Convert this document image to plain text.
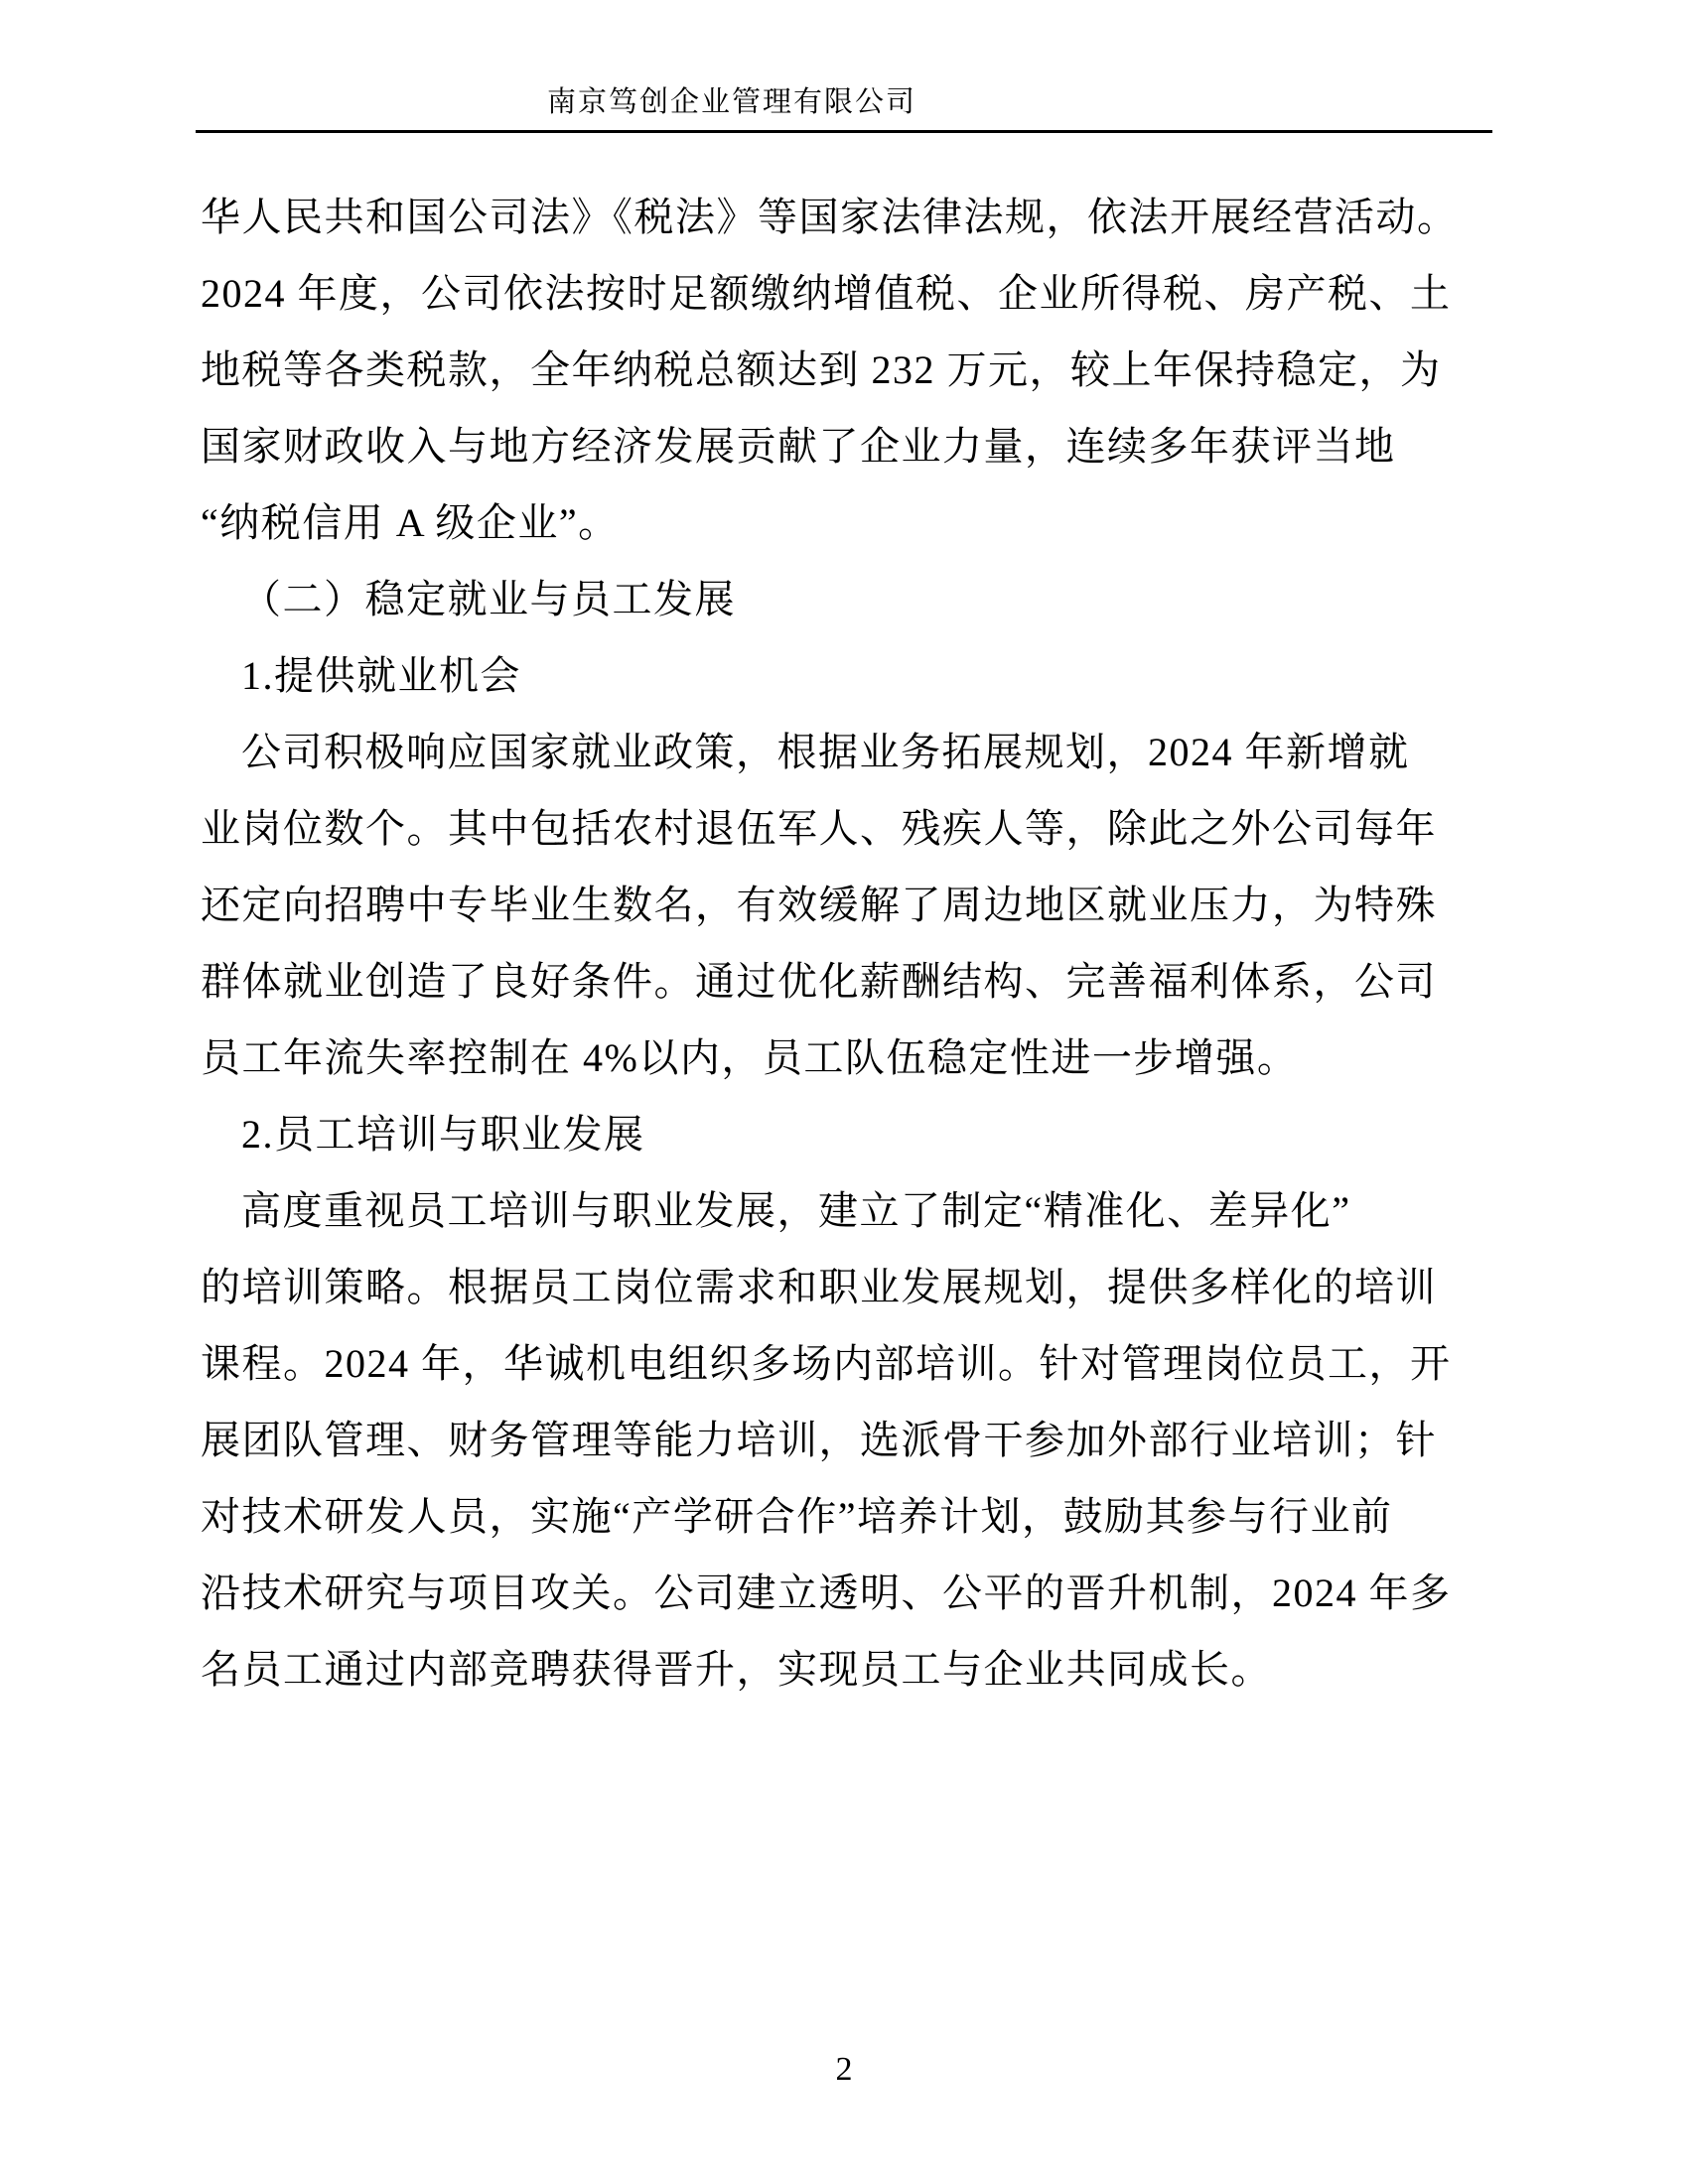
南京笃创企业管理有限公司
华人民共和国公司法》《税法》等国家法律法规，依法开展经营活动。
2024 年度，公司依法按时足额缴纳增值税、企业所得税、房产税、土
地税等各类税款，全年纳税总额达到 232 万元，较上年保持稳定，为
国家财政收入与地方经济发展贡献了企业力量，连续多年获评当地
“纳税信用 A 级企业”。
（二）稳定就业与员工发展
1.提供就业机会
公司积极响应国家就业政策，根据业务拓展规划，2024 年新增就
业岗位数个。其中包括农村退伍军人、残疾人等，除此之外公司每年
还定向招聘中专毕业生数名，有效缓解了周边地区就业压力，为特殊
群体就业创造了良好条件。通过优化薪酬结构、完善福利体系，公司
员工年流失率控制在 4%以内，员工队伍稳定性进一步增强。
2.员工培训与职业发展
高度重视员工培训与职业发展，建立了制定“精准化、差异化”
的培训策略。根据员工岗位需求和职业发展规划，提供多样化的培训
课程。2024 年，华诚机电组织多场内部培训。针对管理岗位员工，开
展团队管理、财务管理等能力培训，选派骨干参加外部行业培训；针
对技术研发人员，实施“产学研合作”培养计划，鼓励其参与行业前
沿技术研究与项目攻关。公司建立透明、公平的晋升机制，2024 年多
名员工通过内部竞聘获得晋升，实现员工与企业共同成长。
2
